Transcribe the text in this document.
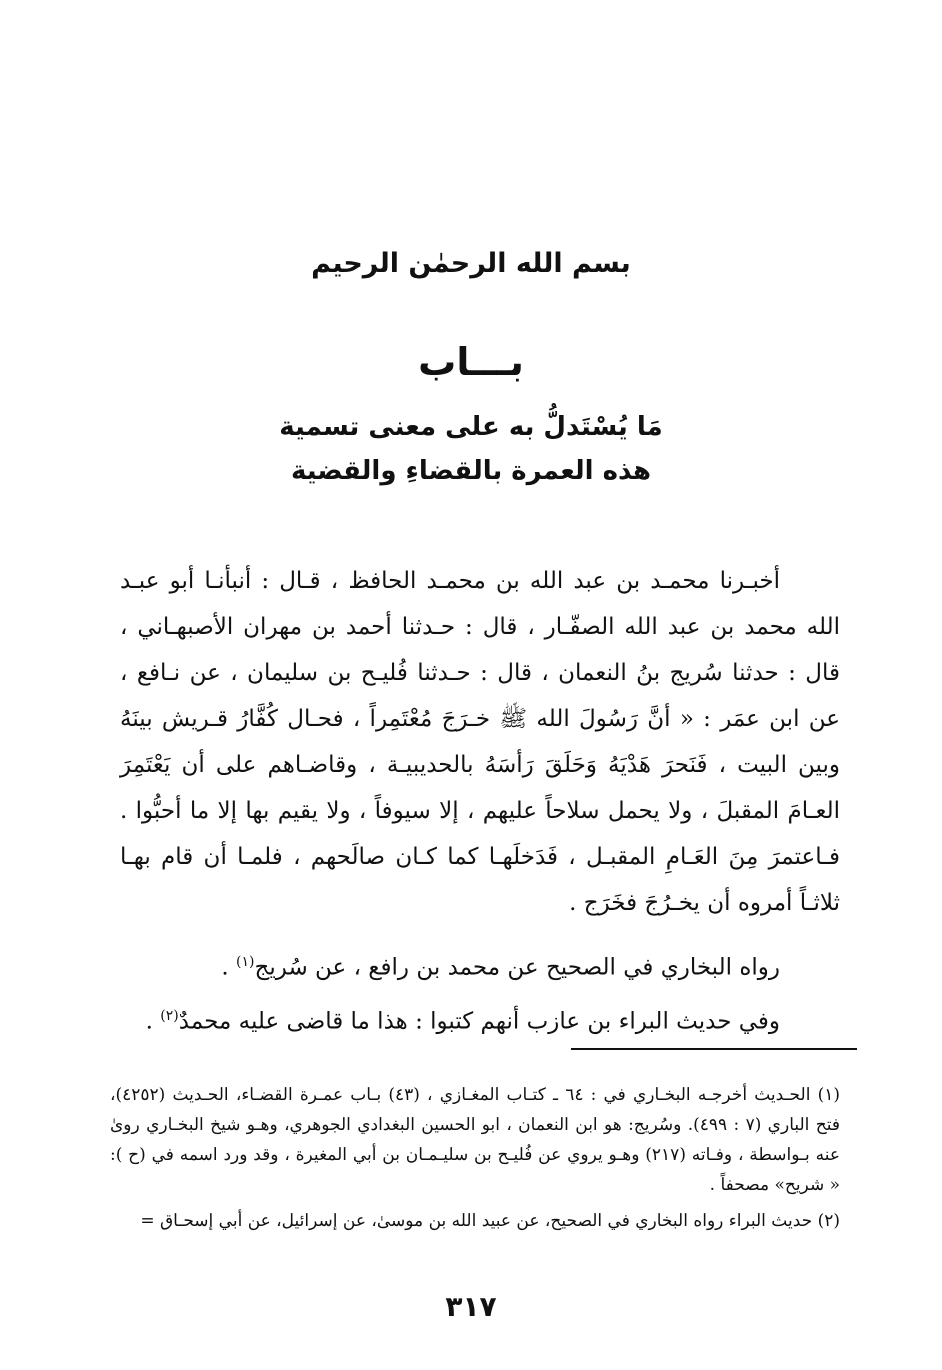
بسم الله الرحمٰن الرحيم
بـــاب
مَا يُسْتَدلُّ به على معنى تسمية
هذه العمرة بالقضاءِ والقضية

أخبـرنا محمـد بن عبد الله بن محمـد الحافظ ، قـال : أنبأنـا أبو عبـد الله محمد بن عبد الله الصفّـار ، قال : حـدثنا أحمد بن مهران الأصبهـاني ، قال : حدثنا سُريج بنُ النعمان ، قال : حـدثنا فُليـح بن سليمان ، عن نـافع ، عن ابن عمَر : « أنَّ رَسُولَ الله ﷺ خـرَجَ مُعْتَمِراً ، فحـال كُفَّارُ قـريش بينَهُ وبين البيت ، فَنَحرَ هَدْيَهُ وَحَلَقَ رَأسَهُ بالحديبيـة ، وقاضـاهم على أن يَعْتَمِرَ العـامَ المقبلَ ، ولا يحمل سلاحاً عليهم ، إلا سيوفاً ، ولا يقيم بها إلا ما أحبُّوا . فـاعتمرَ مِنَ العَـامِ المقبـل ، فَدَخلَهـا كما كـان صالَحهم ، فلمـا أن قام بهـا ثلاثـاً أمروه أن يخـرُجَ فخَرَج .

رواه البخاري في الصحيح عن محمد بن رافع ، عن سُريج$^{(١)}$ .

وفي حديث البراء بن عازب أنهم كتبوا : هذا ما قاضى عليه محمدٌ$^{(٢)}$ .

(١) الحـديث أخرجـه البخـاري في : ٦٤ ـ كتـاب المغـازي ، (٤٣) بـاب عمـرة القضـاء، الحـديث (٤٢٥٢)، فتح الباري (٧ : ٤٩٩). وسُريج: هو ابن النعمان ، ابو الحسين البغدادي الجوهري، وهـو شيخ البخـاري روىٰ عنه بـواسطة ، وفـاته (٢١٧) وهـو يروي عن فُليـح بن سليـمـان بن أبي المغيرة ، وقد ورد اسمه في (ح ): « شريح» مصحفاً .

(٢) حديث البراء رواه البخاري في الصحيح، عن عبيد الله بن موسىٰ، عن إسرائيل، عن أبي إسحـاق =

٣١٧
